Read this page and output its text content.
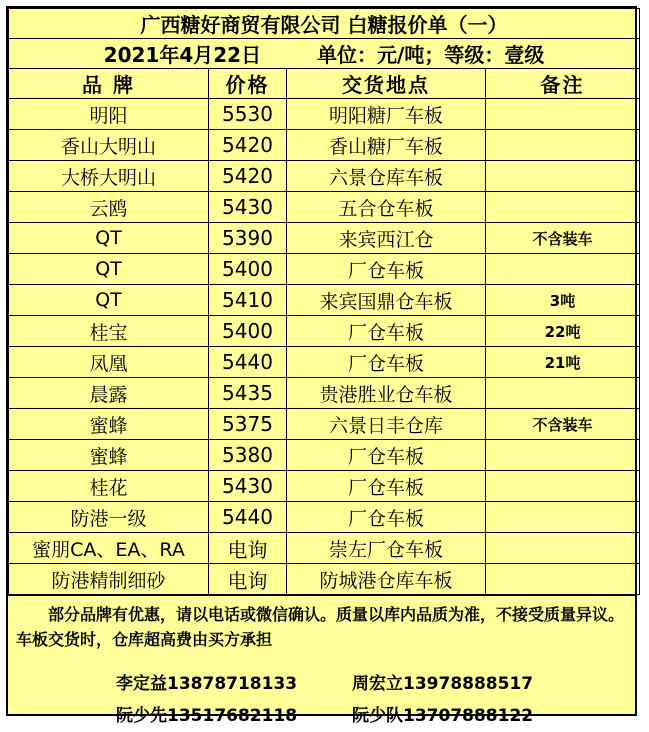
广西糖好商贸有限公司 白糖报价单（一）			
2021年4月22日 单位：元/吨；等级：壹级			
品 牌	价格	交货地点	备注
明阳	5530	明阳糖厂车板	
香山大明山	5420	香山糖厂车板	
大桥大明山	5420	六景仓库车板	
云鸥	5430	五合仓车板	
QT	5390	来宾西江仓	不含装车
QT	5400	厂仓车板	
QT	5410	来宾国鼎仓车板	3吨
桂宝	5400	厂仓车板	22吨
凤凰	5440	厂仓车板	21吨
晨露	5435	贵港胜业仓车板	
蜜蜂	5375	六景日丰仓库	不含装车
蜜蜂	5380	厂仓车板	
桂花	5430	厂仓车板	
防港一级	5440	厂仓车板	
蜜朋CA、EA、RA	电询	崇左厂仓车板	
防港精制细砂	电询	防城港仓库车板	

部分品牌有优惠，请以电话或微信确认。质量以库内品质为准，不接受质量异议。车板交货时，仓库超高费由买方承担

李定益13878718133	周宏立13978888517
阮少先13517682118	阮少队13707888122
